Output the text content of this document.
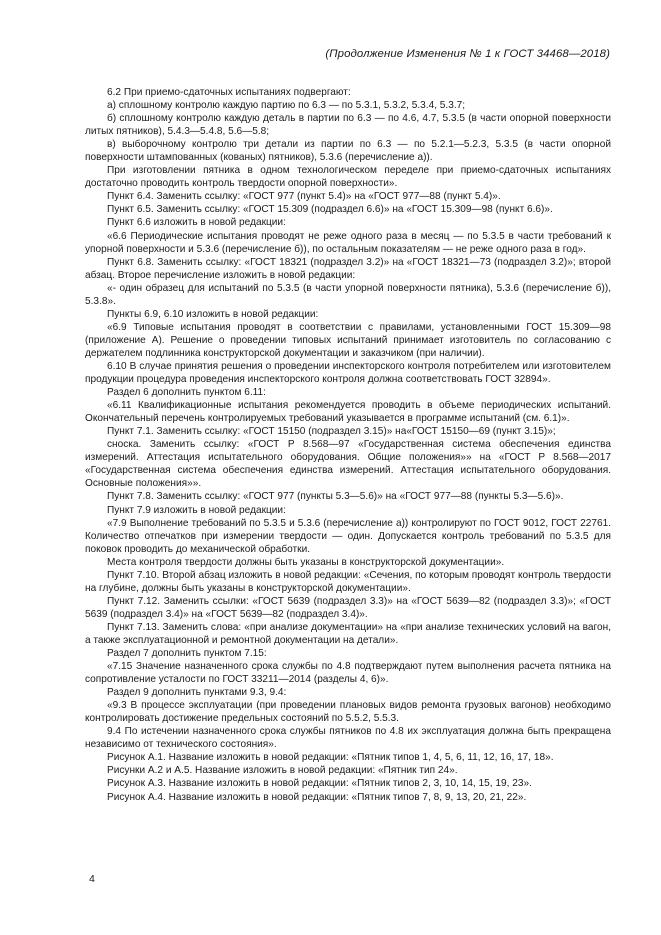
(Продолжение Изменения № 1 к ГОСТ 34468—2018)

6.2 При приемо-сдаточных испытаниях подвергают:

а) сплошному контролю каждую партию по 6.3 — по 5.3.1, 5.3.2, 5.3.4, 5.3.7;

б) сплошному контролю каждую деталь в партии по 6.3 — по 4.6, 4.7, 5.3.5 (в части опорной поверхности литых пятников), 5.4.3—5.4.8, 5.6—5.8;

в) выборочному контролю три детали из партии по 6.3 — по 5.2.1—5.2.3, 5.3.5 (в части опорной поверхности штампованных (кованых) пятников), 5.3.6 (перечисление а)).

При изготовлении пятника в одном технологическом переделе при приемо-сдаточных испытаниях достаточно проводить контроль твердости опорной поверхности».

Пункт 6.4. Заменить ссылку: «ГОСТ 977 (пункт 5.4)» на «ГОСТ 977—88 (пункт 5.4)».

Пункт 6.5. Заменить ссылку: «ГОСТ 15.309 (подраздел 6.6)» на «ГОСТ 15.309—98 (пункт 6.6)».

Пункт 6.6 изложить в новой редакции:

«6.6 Периодические испытания проводят не реже одного раза в месяц — по 5.3.5 в части требований к упорной поверхности и 5.3.6 (перечисление б)), по остальным показателям — не реже одного раза в год».

Пункт 6.8. Заменить ссылку: «ГОСТ 18321 (подраздел 3.2)» на «ГОСТ 18321—73 (подраздел 3.2)»; второй абзац. Второе перечисление изложить в новой редакции:

«- один образец для испытаний по 5.3.5 (в части упорной поверхности пятника), 5.3.6 (перечисление б)), 5.3.8».

Пункты 6.9, 6.10 изложить в новой редакции:

«6.9 Типовые испытания проводят в соответствии с правилами, установленными ГОСТ 15.309—98 (приложение А). Решение о проведении типовых испытаний принимает изготовитель по согласованию с держателем подлинника конструкторской документации и заказчиком (при наличии).

6.10 В случае принятия решения о проведении инспекторского контроля потребителем или изготовителем продукции процедура проведения инспекторского контроля должна соответствовать ГОСТ 32894».

Раздел 6 дополнить пунктом 6.11:

«6.11 Квалификационные испытания рекомендуется проводить в объеме периодических испытаний. Окончательный перечень контролируемых требований указывается в программе испытаний (см. 6.1)».

Пункт 7.1. Заменить ссылку: «ГОСТ 15150 (подраздел 3.15)» на«ГОСТ 15150—69 (пункт 3.15)»;

сноска. Заменить ссылку: «ГОСТ Р 8.568—97 «Государственная система обеспечения единства измерений. Аттестация испытательного оборудования. Общие положения»» на «ГОСТ Р 8.568—2017 «Государственная система обеспечения единства измерений. Аттестация испытательного оборудования. Основные положения»».

Пункт 7.8. Заменить ссылку: «ГОСТ 977 (пункты 5.3—5.6)» на «ГОСТ 977—88 (пункты 5.3—5.6)».

Пункт 7.9 изложить в новой редакции:

«7.9 Выполнение требований по 5.3.5 и 5.3.6 (перечисление а)) контролируют по ГОСТ 9012, ГОСТ 22761. Количество отпечатков при измерении твердости — один. Допускается контроль требований по 5.3.5 для поковок проводить до механической обработки.

Места контроля твердости должны быть указаны в конструкторской документации».

Пункт 7.10. Второй абзац изложить в новой редакции: «Сечения, по которым проводят контроль твердости на глубине, должны быть указаны в конструкторской документации».

Пункт 7.12. Заменить ссылки: «ГОСТ 5639 (подраздел 3.3)» на «ГОСТ 5639—82 (подраздел 3.3)»; «ГОСТ 5639 (подраздел 3.4)» на «ГОСТ 5639—82 (подраздел 3.4)».

Пункт 7.13. Заменить слова: «при анализе документации» на «при анализе технических условий на вагон, а также эксплуатационной и ремонтной документации на детали».

Раздел 7 дополнить пунктом 7.15:

«7.15 Значение назначенного срока службы по 4.8 подтверждают путем выполнения расчета пятника на сопротивление усталости по ГОСТ 33211—2014 (разделы 4, 6)».

Раздел 9 дополнить пунктами 9.3, 9.4:

«9.3 В процессе эксплуатации (при проведении плановых видов ремонта грузовых вагонов) необходимо контролировать достижение предельных состояний по 5.5.2, 5.5.3.

9.4 По истечении назначенного срока службы пятников по 4.8 их эксплуатация должна быть прекращена независимо от технического состояния».

Рисунок А.1. Название изложить в новой редакции: «Пятник типов 1, 4, 5, 6, 11, 12, 16, 17, 18».

Рисунки А.2 и А.5. Название изложить в новой редакции: «Пятник тип 24».

Рисунок А.3. Название изложить в новой редакции: «Пятник типов 2, 3, 10, 14, 15, 19, 23».

Рисунок А.4. Название изложить в новой редакции: «Пятник типов 7, 8, 9, 13, 20, 21, 22».

4
